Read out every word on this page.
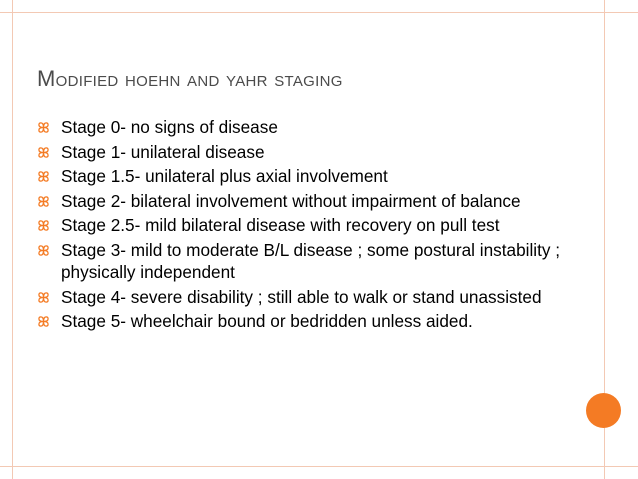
Modified hoehn and yahr staging
Stage 0- no signs of disease
Stage 1- unilateral disease
Stage 1.5- unilateral plus axial involvement
Stage 2- bilateral involvement without impairment of balance
Stage 2.5- mild bilateral disease with recovery on pull test
Stage 3- mild to moderate B/L disease ; some postural instability ; physically independent
Stage 4- severe disability ; still able to walk or stand unassisted
Stage 5- wheelchair bound or bedridden unless aided.
